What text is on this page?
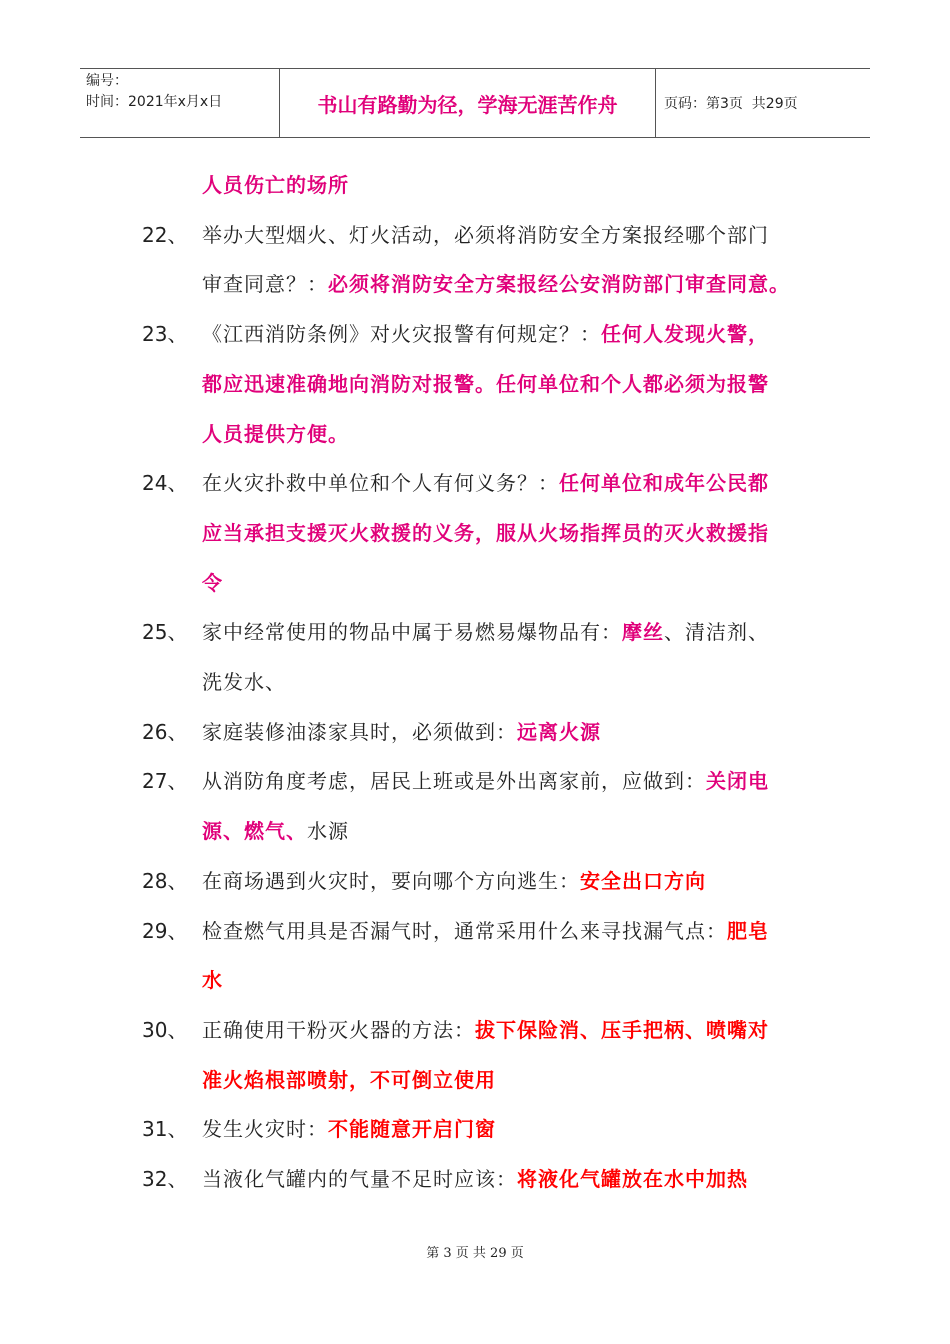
编号：
时间：2021年x月x日	书山有路勤为径，学海无涯苦作舟	页码：第3页  共29页
人员伤亡的场所
22、 举办大型烟火、灯火活动，必须将消防安全方案报经哪个部门
审查同意？：必须将消防安全方案报经公安消防部门审查同意。
23、 《江西消防条例》对火灾报警有何规定？：任何人发现火警，
都应迅速准确地向消防对报警。任何单位和个人都必须为报警
人员提供方便。
24、 在火灾扑救中单位和个人有何义务？：任何单位和成年公民都
应当承担支援灭火救援的义务，服从火场指挥员的灭火救援指
令
25、 家中经常使用的物品中属于易燃易爆物品有：摩丝、清洁剂、
洗发水、
26、 家庭装修油漆家具时，必须做到：远离火源
27、 从消防角度考虑，居民上班或是外出离家前，应做到：关闭电
源、燃气、水源
28、 在商场遇到火灾时，要向哪个方向逃生：安全出口方向
29、 检查燃气用具是否漏气时，通常采用什么来寻找漏气点：肥皂
水
30、 正确使用干粉灭火器的方法：拔下保险消、压手把柄、喷嘴对
准火焰根部喷射，不可倒立使用
31、 发生火灾时：不能随意开启门窗
32、 当液化气罐内的气量不足时应该：将液化气罐放在水中加热
第 3 页 共 29 页
